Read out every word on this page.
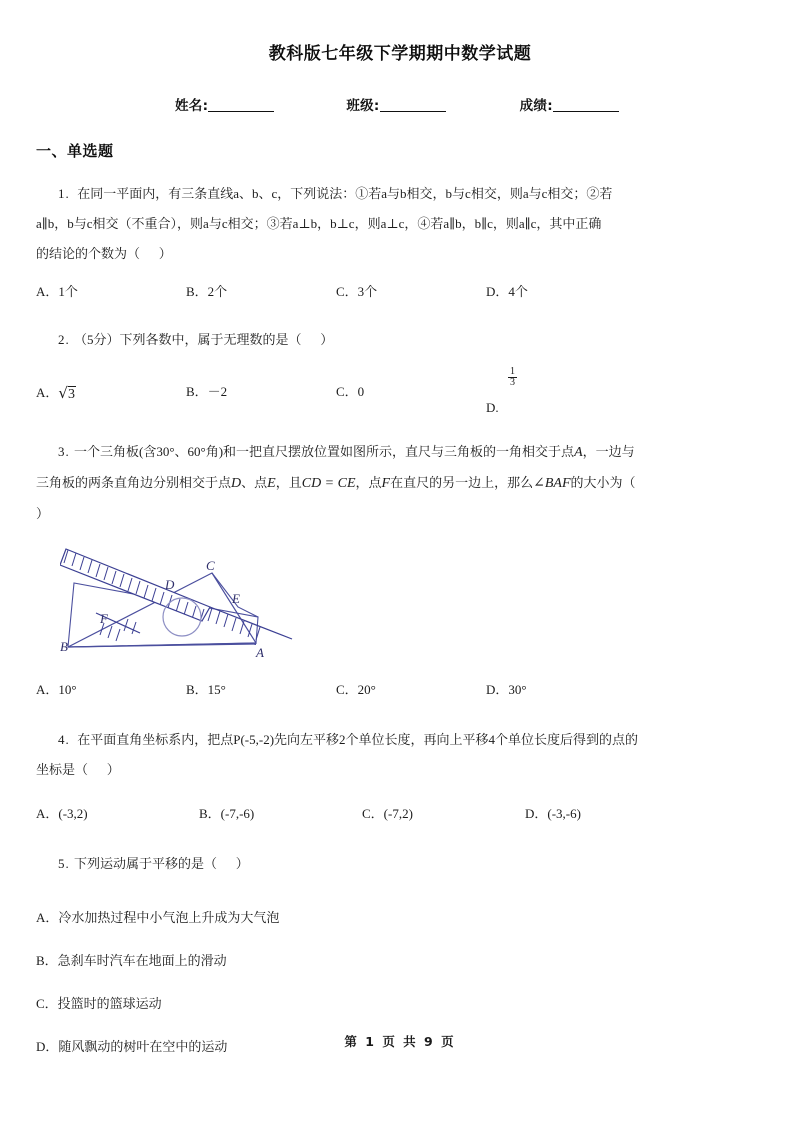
教科版七年级下学期期中数学试题
姓名:	班级:	成绩:
一、单选题
1. 在同一平面内，有三条直线a、b、c，下列说法：①若a与b相交，b与c相交，则a与c相交；②若
a∥b，b与c相交（不重合），则a与c相交；③若a⊥b，b⊥c，则a⊥c，④若a∥b，b∥c，则a∥c，其中正确
的结论的个数为（ ）
A．1个	B．2个	C．3个	D．4个
2. （5分）下列各数中，属于无理数的是（ ）
A．√3	B．－2	C．0
D.
$\frac{1}{3}$
3. 一个三角板(含30°、60°角)和一把直尺摆放位置如图所示，直尺与三角板的一角相交于点A，一边与
三角板的两条直角边分别相交于点D、点E，且CD = CE，点F在直尺的另一边上，那么∠BAF的大小为（
）
B
F
D
C
E
A
A．10°	B．15°	C．20°	D．30°
4. 在平面直角坐标系内，把点P(-5,-2)先向左平移2个单位长度，再向上平移4个单位长度后得到的点的
坐标是（ ）
A．(-3,2)	B．(-7,-6)	C．(-7,2)	D．(-3,-6)
5. 下列运动属于平移的是（ ）
A．冷水加热过程中小气泡上升成为大气泡
B．急刹车时汽车在地面上的滑动
C．投篮时的篮球运动
D．随风飘动的树叶在空中的运动	第 1 页 共 9 页
